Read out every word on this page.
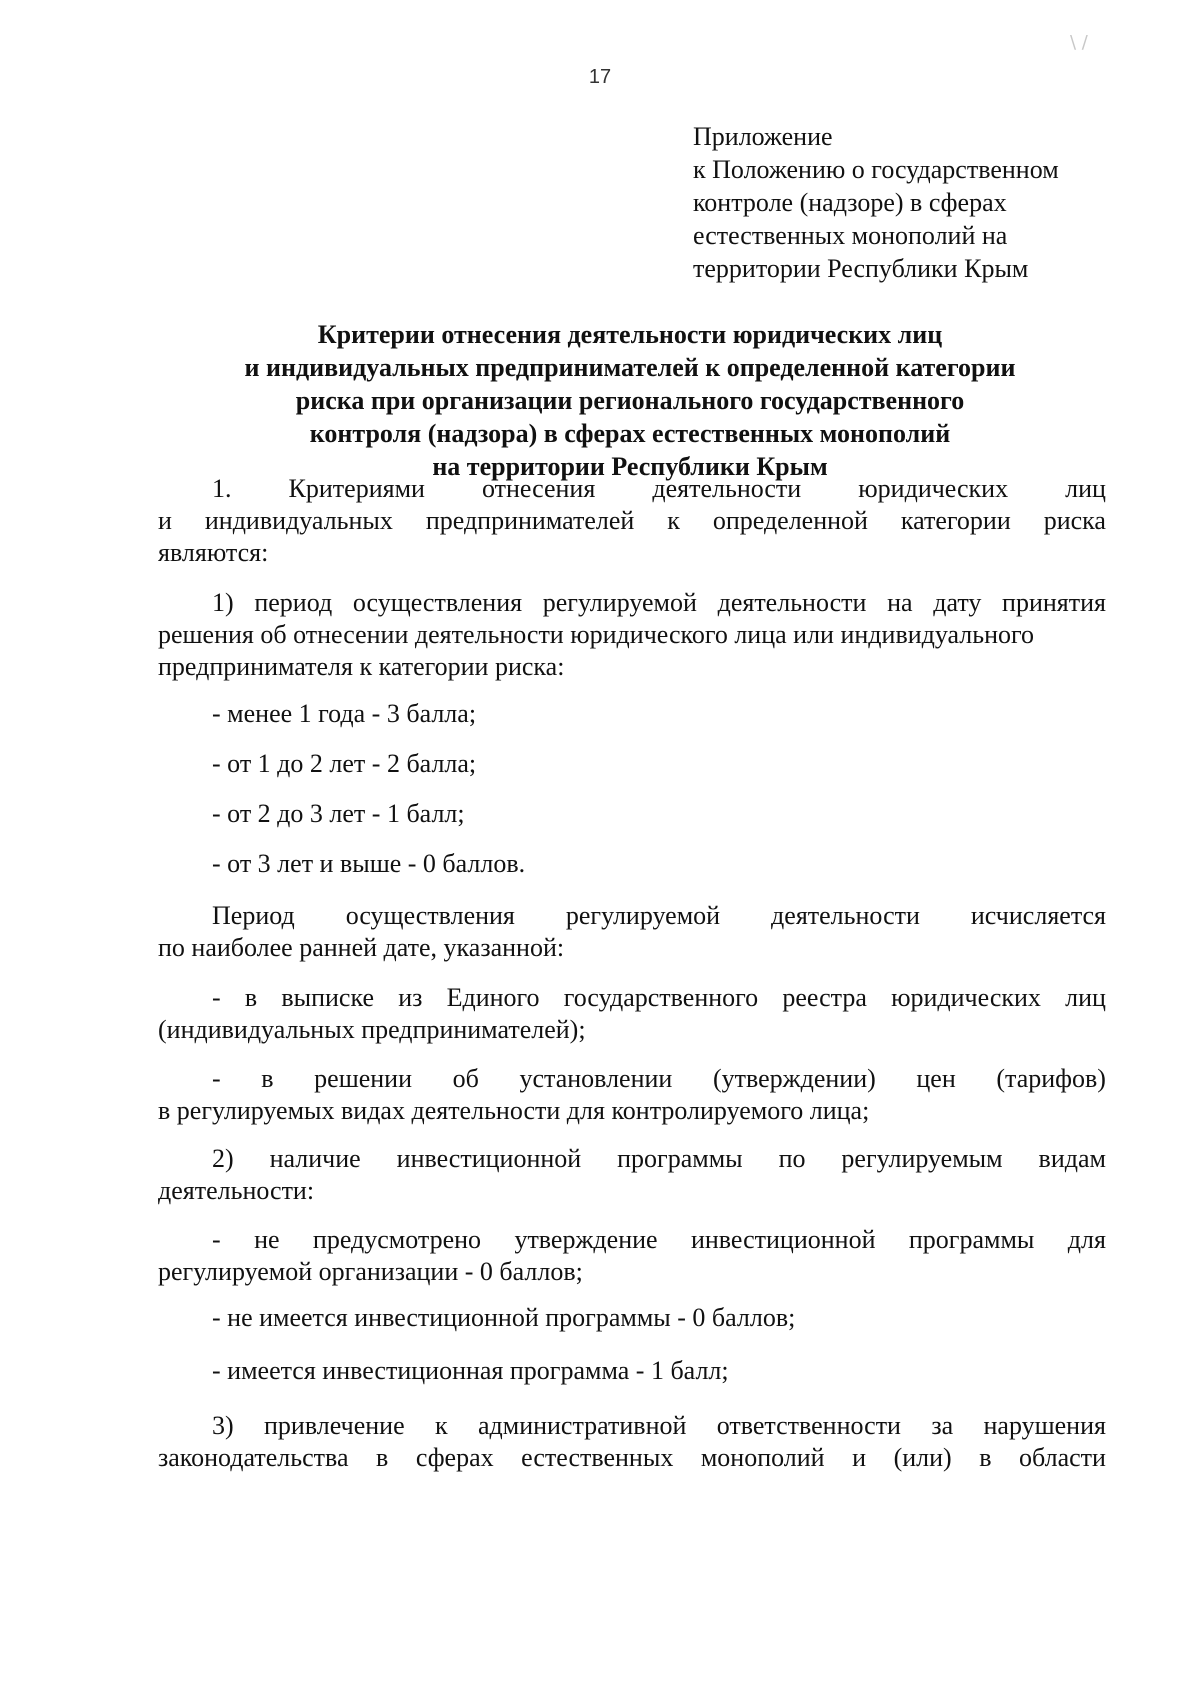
\ /
17
Приложение
к Положению о государственном
контроле (надзоре) в сферах
естественных монополий на
территории Республики Крым
Критерии отнесения деятельности юридических лиц
и индивидуальных предпринимателей к определенной категории
риска при организации регионального государственного
контроля (надзора) в сферах естественных монополий
на территории Республики Крым
1. Критериями отнесения деятельности юридических лиц
и индивидуальных предпринимателей к определенной категории риска
являются:
1) период осуществления регулируемой деятельности на дату принятия
решения об отнесении деятельности юридического лица или индивидуального
предпринимателя к категории риска:
- менее 1 года - 3 балла;
- от 1 до 2 лет - 2 балла;
- от 2 до 3 лет - 1 балл;
- от 3 лет и выше - 0 баллов.
Период осуществления регулируемой деятельности исчисляется
по наиболее ранней дате, указанной:
- в выписке из Единого государственного реестра юридических лиц
(индивидуальных предпринимателей);
- в решении об установлении (утверждении) цен (тарифов)
в регулируемых видах деятельности для контролируемого лица;
2) наличие инвестиционной программы по регулируемым видам
деятельности:
- не предусмотрено утверждение инвестиционной программы для
регулируемой организации - 0 баллов;
- не имеется инвестиционной программы - 0 баллов;
- имеется инвестиционная программа - 1 балл;
3) привлечение к административной ответственности за нарушения
законодательства в сферах естественных монополий и (или) в области
